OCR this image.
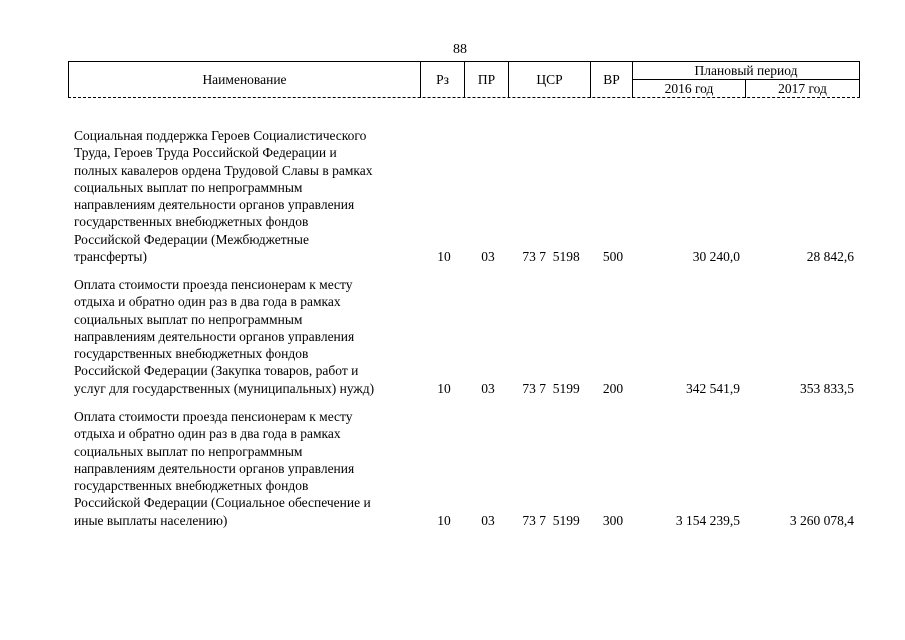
88
Наименование	Рз	ПР	ЦСР	ВР
Плановый период
2016 год	2017 год
Социальная поддержка Героев Социалистического
Труда, Героев Труда Российской Федерации и
полных кавалеров ордена Трудовой Славы в рамках
социальных выплат по непрограммным
направлениям деятельности органов управления
государственных внебюджетных фондов
Российской Федерации (Межбюджетные
трансферты)	10	03	73 7  5198	500	30 240,0	28 842,6
Оплата стоимости проезда пенсионерам к месту
отдыха и обратно один раз в два года в рамках
социальных выплат по непрограммным
направлениям деятельности органов управления
государственных внебюджетных фондов
Российской Федерации (Закупка товаров, работ и
услуг для государственных (муниципальных) нужд)	10	03	73 7  5199	200	342 541,9	353 833,5
Оплата стоимости проезда пенсионерам к месту
отдыха и обратно один раз в два года в рамках
социальных выплат по непрограммным
направлениям деятельности органов управления
государственных внебюджетных фондов
Российской Федерации (Социальное обеспечение и
иные выплаты населению)	10	03	73 7  5199	300	3 154 239,5	3 260 078,4
